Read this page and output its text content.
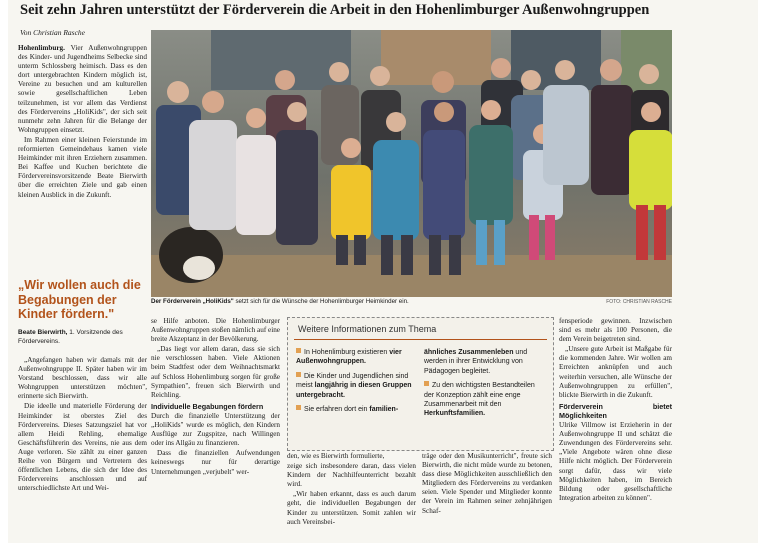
Seit zehn Jahren unterstützt der Förderverein die Arbeit in den Hohenlimburger Außenwohngruppen
Von Christian Rasche

Hohenlimburg. Vier Außenwohngruppen des Kinder- und Jugendheims Selbecke sind unterm Schlossberg heimisch. Dass es den dort untergebrachten Kindern möglich ist, Vereine zu besuchen und am kulturellen sowie gesellschaftlichen Leben teilzunehmen, ist vor allem das Verdienst des Fördervereins „HoliKids", der sich seit nunmehr zehn Jahren für die Belange der Wohngruppen einsetzt.

Im Rahmen einer kleinen Feierstunde im reformierten Gemeindehaus kamen viele Heimkinder mit ihren Erziehern zusammen. Bei Kaffee und Kuchen berichtete die Fördervereinsvorsitzende Beate Bierwirth über die erreichten Ziele und gab einen kleinen Ausblick in die Zukunft.

Der Förderverein „HoliKids" setzt sich für die Wünsche der Hohenlimburger Heimkinder ein.	FOTO: CHRISTIAN RASCHE
„Wir wollen auch die Begabungen der Kinder fördern."
Beate Bierwirth, 1. Vorsitzende des Fördervereins.

„Angefangen haben wir damals mit der Außenwohngruppe II. Später haben wir im Vorstand beschlossen, dass wir alle Wohngruppen unterstützen möchten", erinnerte sich Bierwirth.

Die ideelle und materielle Förderung der Heimkinder ist oberstes Ziel des Fördervereins. Dieses Satzungsziel hat vor allem Heidi Rehling, ehemalige Geschäftsführerin des Vereins, nie aus dem Auge verloren. Sie zählt zu einer ganzen Reihe von Bürgern und Vertretern des öffentlichen Lebens, die sich der Idee des Fördervereins anschlossen und auf unterschiedlichste Art und Wei-

se Hilfe anboten. Die Hohenlimburger Außenwohngruppen stoßen nämlich auf eine breite Akzeptanz in der Bevölkerung.

„Das liegt vor allem daran, dass sie sich nie verschlossen haben. Viele Aktionen beim Stadtfest oder dem Weihnachtsmarkt auf Schloss Hohenlimburg sorgen für große Sympathien", freuen sich Bierwirth und Reichling.

Individuelle Begabungen fördern

Durch die finanzielle Unterstützung der „HoliKids" wurde es möglich, den Kindern Ausflüge zur Zugspitze, nach Willingen oder ins Allgäu zu finanzieren.

Dass die finanziellen Aufwendungen keineswegs nur für derartige Unternehmungen „verjubelt" wer-

Weitere Informationen zum Thema
In Hohenlimburg existieren vier Außenwohngruppen.
Die Kinder und Jugendlichen sind meist langjährig in diesen Gruppen untergebracht.
Sie erfahren dort ein familien-
ähnliches Zusammenleben und werden in ihrer Entwicklung von Pädagogen begleitet.
Zu den wichtigsten Bestandteilen der Konzeption zählt eine enge Zusammenarbeit mit den Herkunftsfamilien.

den, wie es Bierwirth formulierte,

zeige sich insbesondere daran, dass vielen Kindern der Nachhilfeunterricht bezahlt wird.

„Wir haben erkannt, dass es auch darum geht, die individuellen Begabungen der Kinder zu unterstützen. Somit zahlen wir auch Vereinsbei-

träge oder den Musikunterricht", freute sich Bierwirth, die nicht müde wurde zu betonen, dass diese Möglichkeiten ausschließlich den Mitgliedern des Fördervereins zu verdanken seien. Viele Spender und Mitglieder konnte der Verein im Rahmen seiner zehnjährigen Schaf-

fensperiode gewinnen. Inzwischen sind es mehr als 100 Personen, die dem Verein beigetreten sind.

„Unsere gute Arbeit ist Maßgabe für die kommenden Jahre. Wir wollen am Erreichten anknüpfen und auch weiterhin versuchen, alle Wünsche der Außenwohngruppen zu erfüllen", blickte Bierwirth in die Zukunft.

Förderverein bietet Möglichkeiten

Ulrike Villmow ist Erzieherin in der Außenwohngruppe II und schätzt die Zuwendungen des Fördervereins sehr. „Viele Angebote wären ohne diese Hilfe nicht möglich. Der Förderverein sorgt dafür, dass wir viele Möglichkeiten haben, im Bereich Bildung oder gesellschaftliche Integration arbeiten zu können".
